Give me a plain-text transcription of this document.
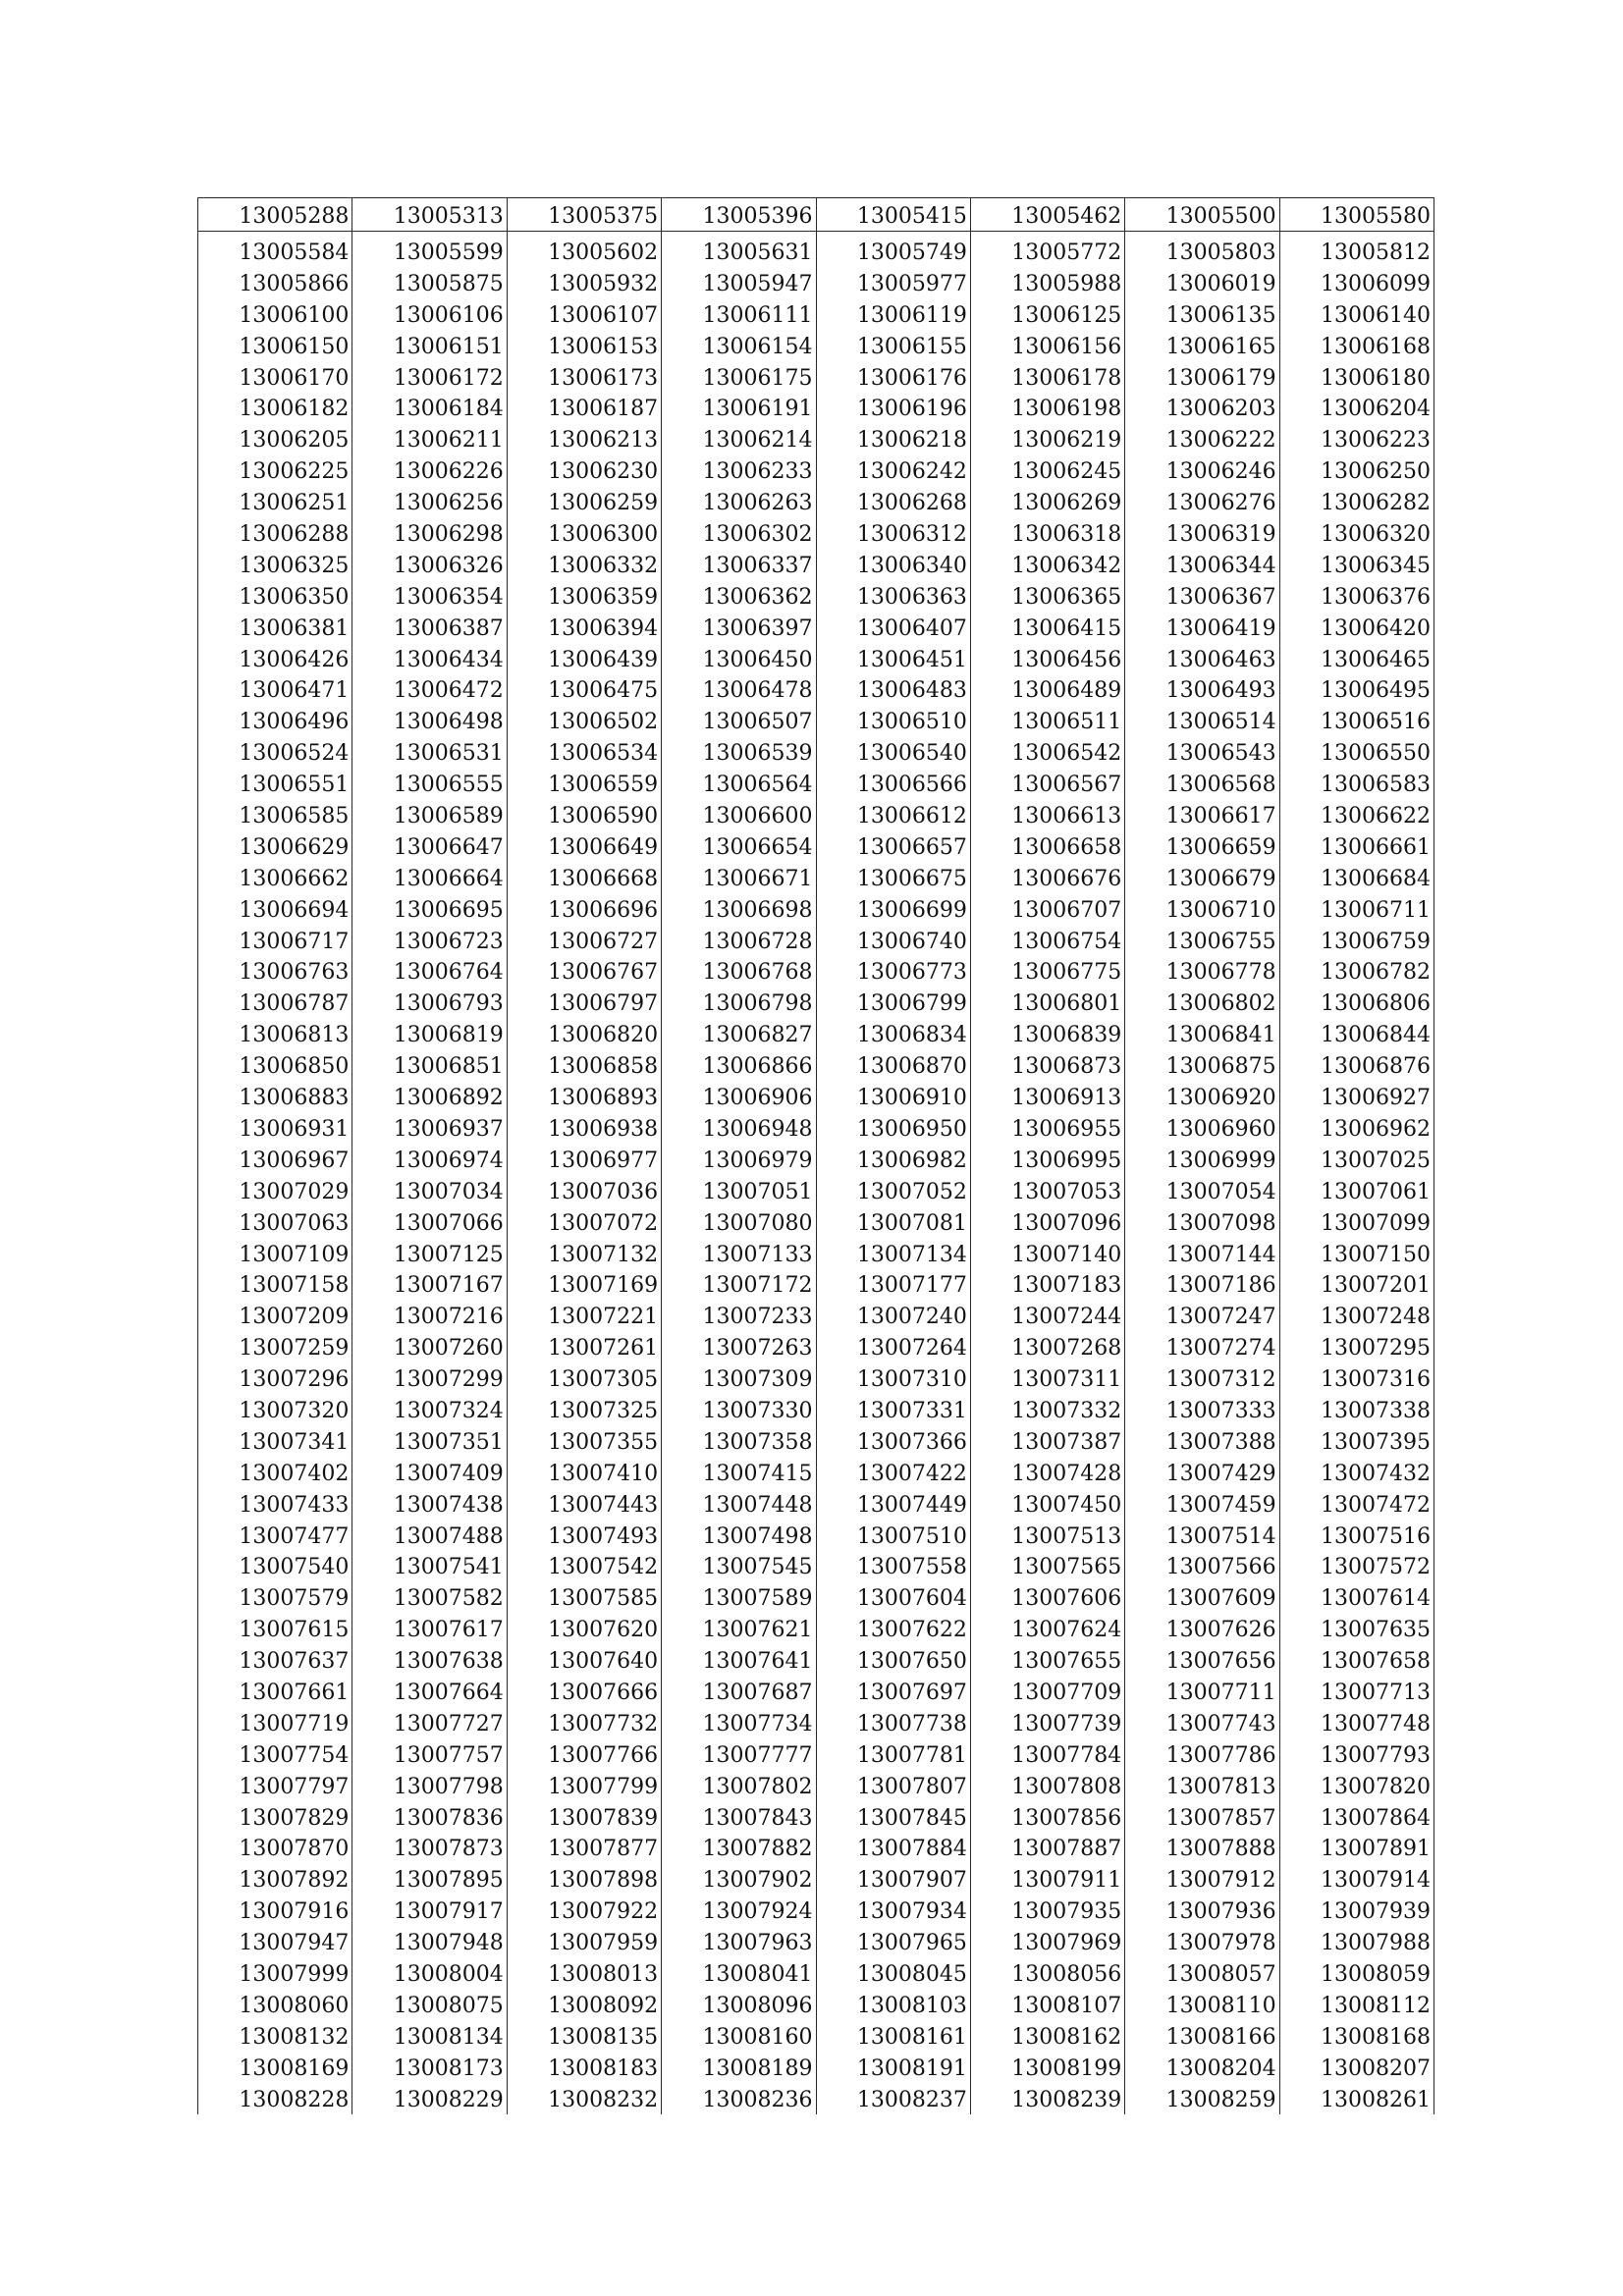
13005288	13005313	13005375	13005396	13005415	13005462	13005500	13005580
13005584	13005599	13005602	13005631	13005749	13005772	13005803	13005812
13005866	13005875	13005932	13005947	13005977	13005988	13006019	13006099
13006100	13006106	13006107	13006111	13006119	13006125	13006135	13006140
13006150	13006151	13006153	13006154	13006155	13006156	13006165	13006168
13006170	13006172	13006173	13006175	13006176	13006178	13006179	13006180
13006182	13006184	13006187	13006191	13006196	13006198	13006203	13006204
13006205	13006211	13006213	13006214	13006218	13006219	13006222	13006223
13006225	13006226	13006230	13006233	13006242	13006245	13006246	13006250
13006251	13006256	13006259	13006263	13006268	13006269	13006276	13006282
13006288	13006298	13006300	13006302	13006312	13006318	13006319	13006320
13006325	13006326	13006332	13006337	13006340	13006342	13006344	13006345
13006350	13006354	13006359	13006362	13006363	13006365	13006367	13006376
13006381	13006387	13006394	13006397	13006407	13006415	13006419	13006420
13006426	13006434	13006439	13006450	13006451	13006456	13006463	13006465
13006471	13006472	13006475	13006478	13006483	13006489	13006493	13006495
13006496	13006498	13006502	13006507	13006510	13006511	13006514	13006516
13006524	13006531	13006534	13006539	13006540	13006542	13006543	13006550
13006551	13006555	13006559	13006564	13006566	13006567	13006568	13006583
13006585	13006589	13006590	13006600	13006612	13006613	13006617	13006622
13006629	13006647	13006649	13006654	13006657	13006658	13006659	13006661
13006662	13006664	13006668	13006671	13006675	13006676	13006679	13006684
13006694	13006695	13006696	13006698	13006699	13006707	13006710	13006711
13006717	13006723	13006727	13006728	13006740	13006754	13006755	13006759
13006763	13006764	13006767	13006768	13006773	13006775	13006778	13006782
13006787	13006793	13006797	13006798	13006799	13006801	13006802	13006806
13006813	13006819	13006820	13006827	13006834	13006839	13006841	13006844
13006850	13006851	13006858	13006866	13006870	13006873	13006875	13006876
13006883	13006892	13006893	13006906	13006910	13006913	13006920	13006927
13006931	13006937	13006938	13006948	13006950	13006955	13006960	13006962
13006967	13006974	13006977	13006979	13006982	13006995	13006999	13007025
13007029	13007034	13007036	13007051	13007052	13007053	13007054	13007061
13007063	13007066	13007072	13007080	13007081	13007096	13007098	13007099
13007109	13007125	13007132	13007133	13007134	13007140	13007144	13007150
13007158	13007167	13007169	13007172	13007177	13007183	13007186	13007201
13007209	13007216	13007221	13007233	13007240	13007244	13007247	13007248
13007259	13007260	13007261	13007263	13007264	13007268	13007274	13007295
13007296	13007299	13007305	13007309	13007310	13007311	13007312	13007316
13007320	13007324	13007325	13007330	13007331	13007332	13007333	13007338
13007341	13007351	13007355	13007358	13007366	13007387	13007388	13007395
13007402	13007409	13007410	13007415	13007422	13007428	13007429	13007432
13007433	13007438	13007443	13007448	13007449	13007450	13007459	13007472
13007477	13007488	13007493	13007498	13007510	13007513	13007514	13007516
13007540	13007541	13007542	13007545	13007558	13007565	13007566	13007572
13007579	13007582	13007585	13007589	13007604	13007606	13007609	13007614
13007615	13007617	13007620	13007621	13007622	13007624	13007626	13007635
13007637	13007638	13007640	13007641	13007650	13007655	13007656	13007658
13007661	13007664	13007666	13007687	13007697	13007709	13007711	13007713
13007719	13007727	13007732	13007734	13007738	13007739	13007743	13007748
13007754	13007757	13007766	13007777	13007781	13007784	13007786	13007793
13007797	13007798	13007799	13007802	13007807	13007808	13007813	13007820
13007829	13007836	13007839	13007843	13007845	13007856	13007857	13007864
13007870	13007873	13007877	13007882	13007884	13007887	13007888	13007891
13007892	13007895	13007898	13007902	13007907	13007911	13007912	13007914
13007916	13007917	13007922	13007924	13007934	13007935	13007936	13007939
13007947	13007948	13007959	13007963	13007965	13007969	13007978	13007988
13007999	13008004	13008013	13008041	13008045	13008056	13008057	13008059
13008060	13008075	13008092	13008096	13008103	13008107	13008110	13008112
13008132	13008134	13008135	13008160	13008161	13008162	13008166	13008168
13008169	13008173	13008183	13008189	13008191	13008199	13008204	13008207
13008228	13008229	13008232	13008236	13008237	13008239	13008259	13008261
